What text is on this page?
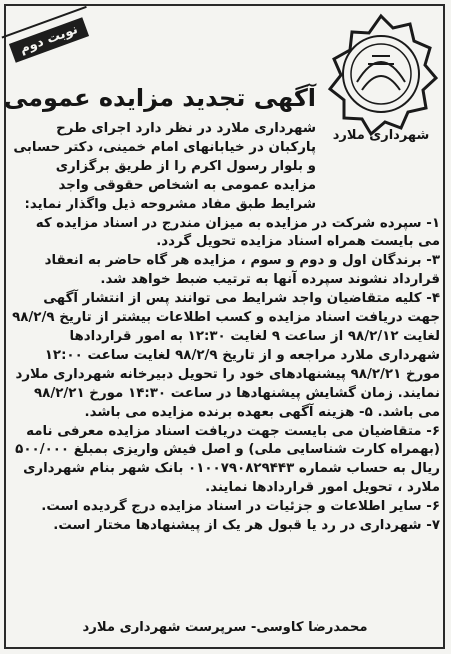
نوبت دوم
شهرداری ملارد
آگهی تجدید مزایده عمومی

شهرداری ملارد در نظر دارد اجرای طرح پارکبان در خیابانهای امام خمینی، دکتر حسابی و بلوار رسول اکرم را از طریق برگزاری مزایده عمومی به اشخاص حقوقی واجد شرایط طبق مفاد مشروحه ذیل واگذار نماید:

۱- سپرده شرکت در مزایده به میزان مندرج در اسناد مزایده که می بایست همراه اسناد مزایده تحویل گردد.

۳- برندگان اول و دوم و سوم ، مزایده هر گاه حاضر به انعقاد قرارداد نشوند سپرده آنها به ترتیب ضبط خواهد شد.

۴- کلیه متقاضیان واجد شرایط می توانند پس از انتشار آگهی جهت دریافت اسناد مزایده و کسب اطلاعات بیشتر از تاریخ ۹۸/۲/۹ لغایت ۹۸/۲/۱۲ از ساعت ۹ لغایت ۱۲:۳۰ به امور قراردادها شهرداری ملارد مراجعه و از تاریخ ۹۸/۲/۹ لغایت ساعت ۱۲:۰۰ مورخ ۹۸/۲/۲۱ پیشنهادهای خود را تحویل دبیرخانه شهرداری ملارد نمایند. زمان گشایش پیشنهادها در ساعت ۱۴:۳۰ مورخ ۹۸/۲/۲۱ می باشد. ۵- هزینه آگهی بعهده برنده مزایده می باشد.

۶- متقاضیان می بایست جهت دریافت اسناد مزایده معرفی نامه (بهمراه کارت شناسایی ملی) و اصل فیش واریزی بمبلغ ۵۰۰/۰۰۰ ریال به حساب شماره ۰۱۰۰۷۹۰۸۲۹۴۴۳ بانک شهر بنام شهرداری ملارد ، تحویل امور قراردادها نمایند.

۶- سایر اطلاعات و جزئیات در اسناد مزایده درج گردیده است.

۷- شهرداری در رد یا قبول هر یک از پیشنهادها مختار است.

محمدرضا کاوسی- سرپرست شهرداری ملارد
